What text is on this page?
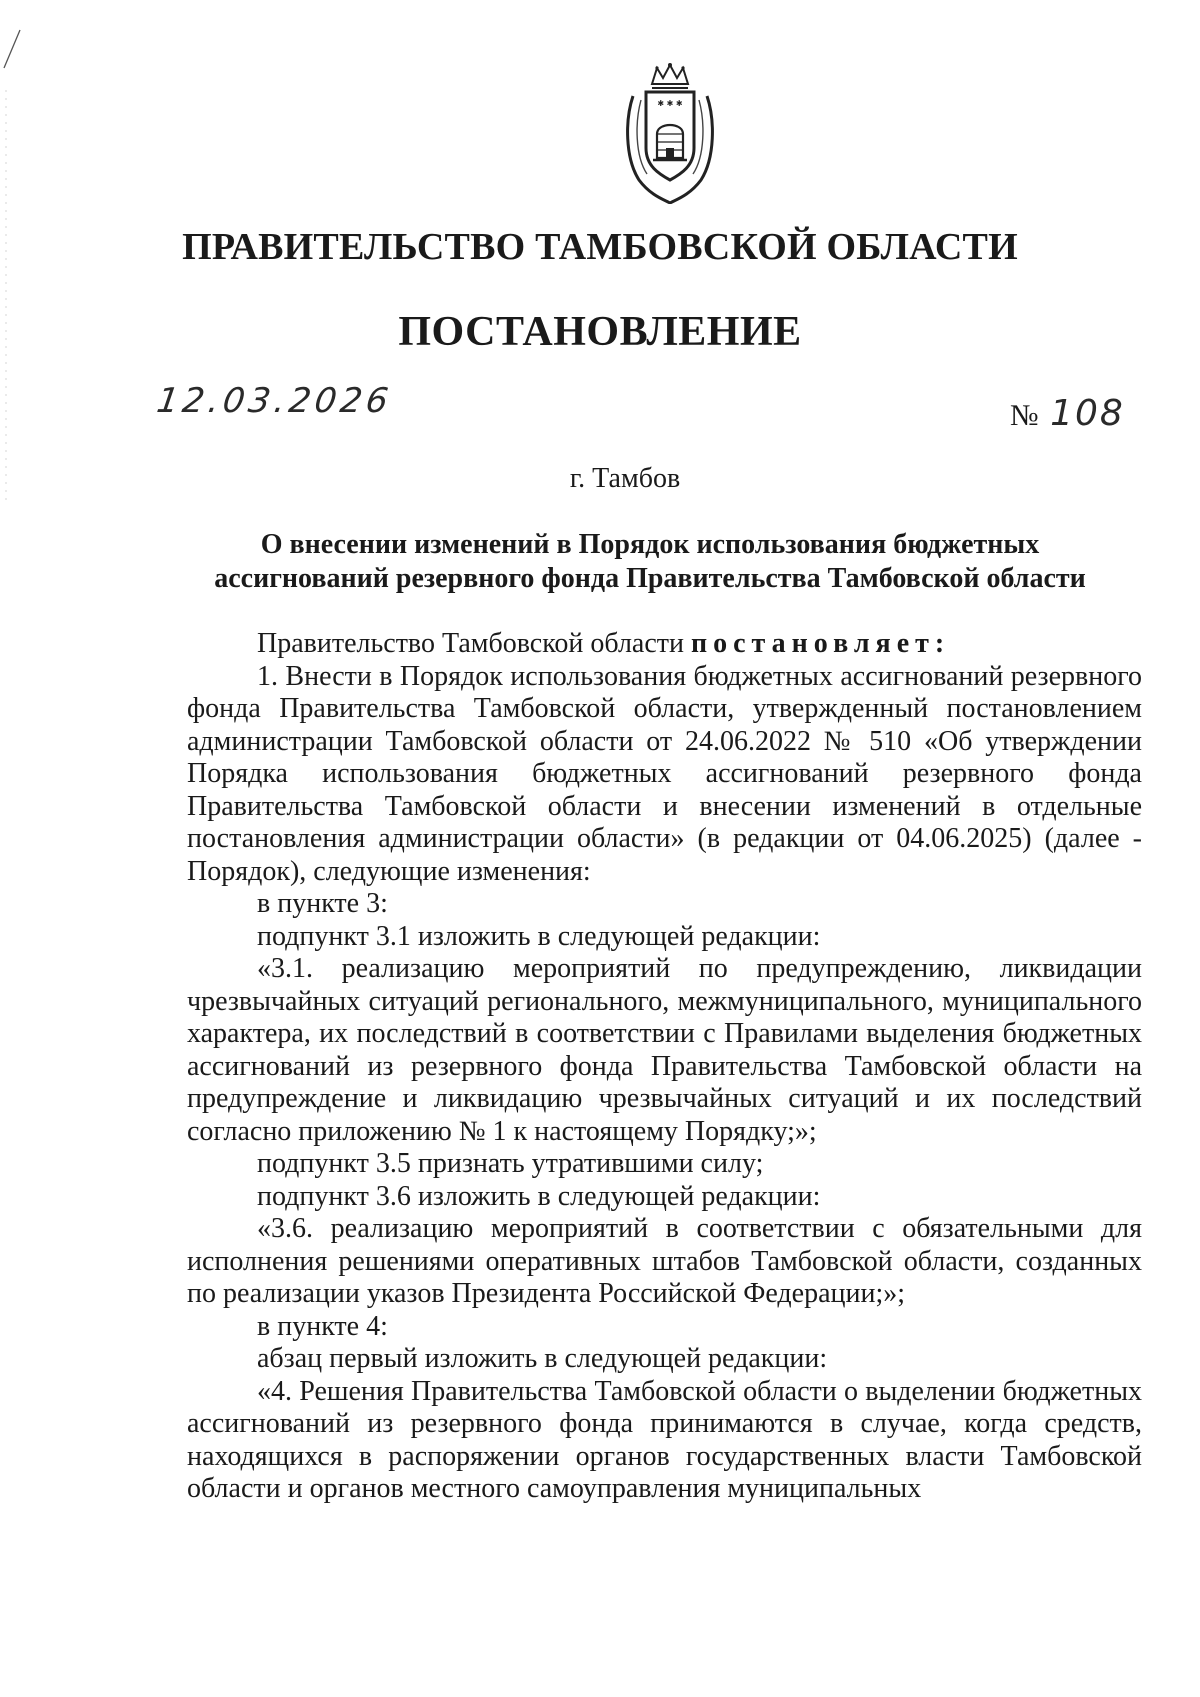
✱ ✱ ✱
ПРАВИТЕЛЬСТВО ТАМБОВСКОЙ ОБЛАСТИ
ПОСТАНОВЛЕНИЕ
12.03.2026	№ 108
г. Тамбов
О внесении изменений в Порядок использования бюджетных
ассигнований резервного фонда Правительства Тамбовской области

Правительство Тамбовской области постановляет:

1. Внести в Порядок использования бюджетных ассигнований резервного фонда Правительства Тамбовской области, утвержденный постановлением администрации Тамбовской области от 24.06.2022 № 510 «Об утверждении Порядка использования бюджетных ассигнований резервного фонда Правительства Тамбовской области и внесении изменений в отдельные постановления администрации области» (в редакции от 04.06.2025) (далее - Порядок), следующие изменения:

в пункте 3:

подпункт 3.1 изложить в следующей редакции:

«3.1. реализацию мероприятий по предупреждению, ликвидации чрезвычайных ситуаций регионального, межмуниципального, муниципального характера, их последствий в соответствии с Правилами выделения бюджетных ассигнований из резервного фонда Правительства Тамбовской области на предупреждение и ликвидацию чрезвычайных ситуаций и их последствий согласно приложению № 1 к настоящему Порядку;»;

подпункт 3.5 признать утратившими силу;

подпункт 3.6 изложить в следующей редакции:

«3.6. реализацию мероприятий в соответствии с обязательными для исполнения решениями оперативных штабов Тамбовской области, созданных по реализации указов Президента Российской Федерации;»;

в пункте 4:

абзац первый изложить в следующей редакции:

«4. Решения Правительства Тамбовской области о выделении бюджетных ассигнований из резервного фонда принимаются в случае, когда средств, находящихся в распоряжении органов государственных власти Тамбовской области и органов местного самоуправления муниципальных
